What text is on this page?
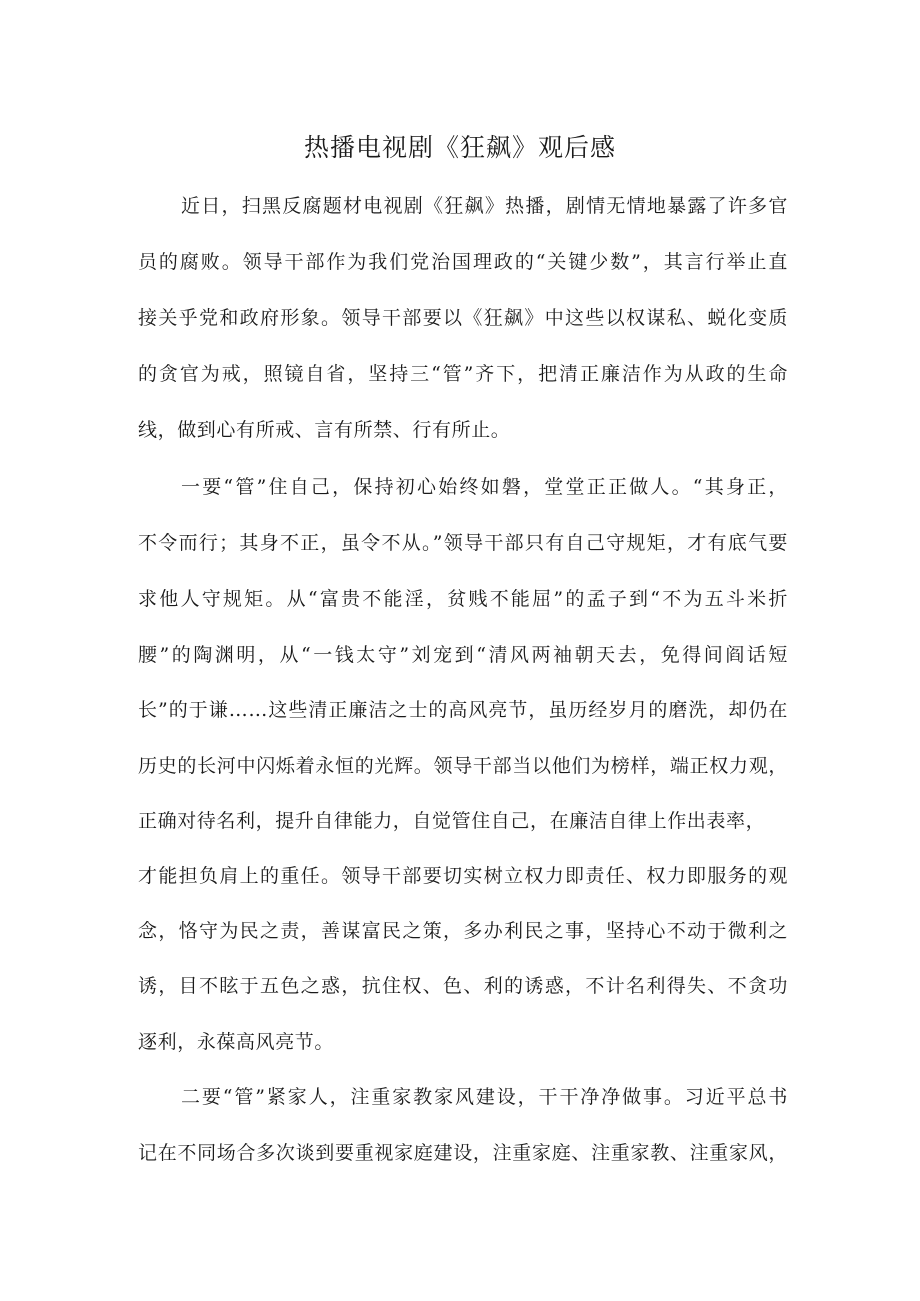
热播电视剧《狂飙》观后感
近日，扫黑反腐题材电视剧《狂飙》热播，剧情无情地暴露了许多官
员的腐败。领导干部作为我们党治国理政的“关键少数”，其言行举止直
接关乎党和政府形象。领导干部要以《狂飙》中这些以权谋私、蜕化变质
的贪官为戒，照镜自省，坚持三“管”齐下，把清正廉洁作为从政的生命
线，做到心有所戒、言有所禁、行有所止。
一要“管”住自己，保持初心始终如磐，堂堂正正做人。“其身正，
不令而行；其身不正，虽令不从。”领导干部只有自己守规矩，才有底气要
求他人守规矩。从“富贵不能淫，贫贱不能屈”的孟子到“不为五斗米折
腰”的陶渊明，从“一钱太守”刘宠到“清风两袖朝天去，免得间阎话短
长”的于谦……这些清正廉洁之士的高风亮节，虽历经岁月的磨洗，却仍在
历史的长河中闪烁着永恒的光辉。领导干部当以他们为榜样，端正权力观，
正确对待名利，提升自律能力，自觉管住自己，在廉洁自律上作出表率，
才能担负肩上的重任。领导干部要切实树立权力即责任、权力即服务的观
念，恪守为民之责，善谋富民之策，多办利民之事，坚持心不动于微利之
诱，目不眩于五色之惑，抗住权、色、利的诱惑，不计名利得失、不贪功
逐利，永葆高风亮节。
二要“管”紧家人，注重家教家风建设，干干净净做事。习近平总书
记在不同场合多次谈到要重视家庭建设，注重家庭、注重家教、注重家风，
